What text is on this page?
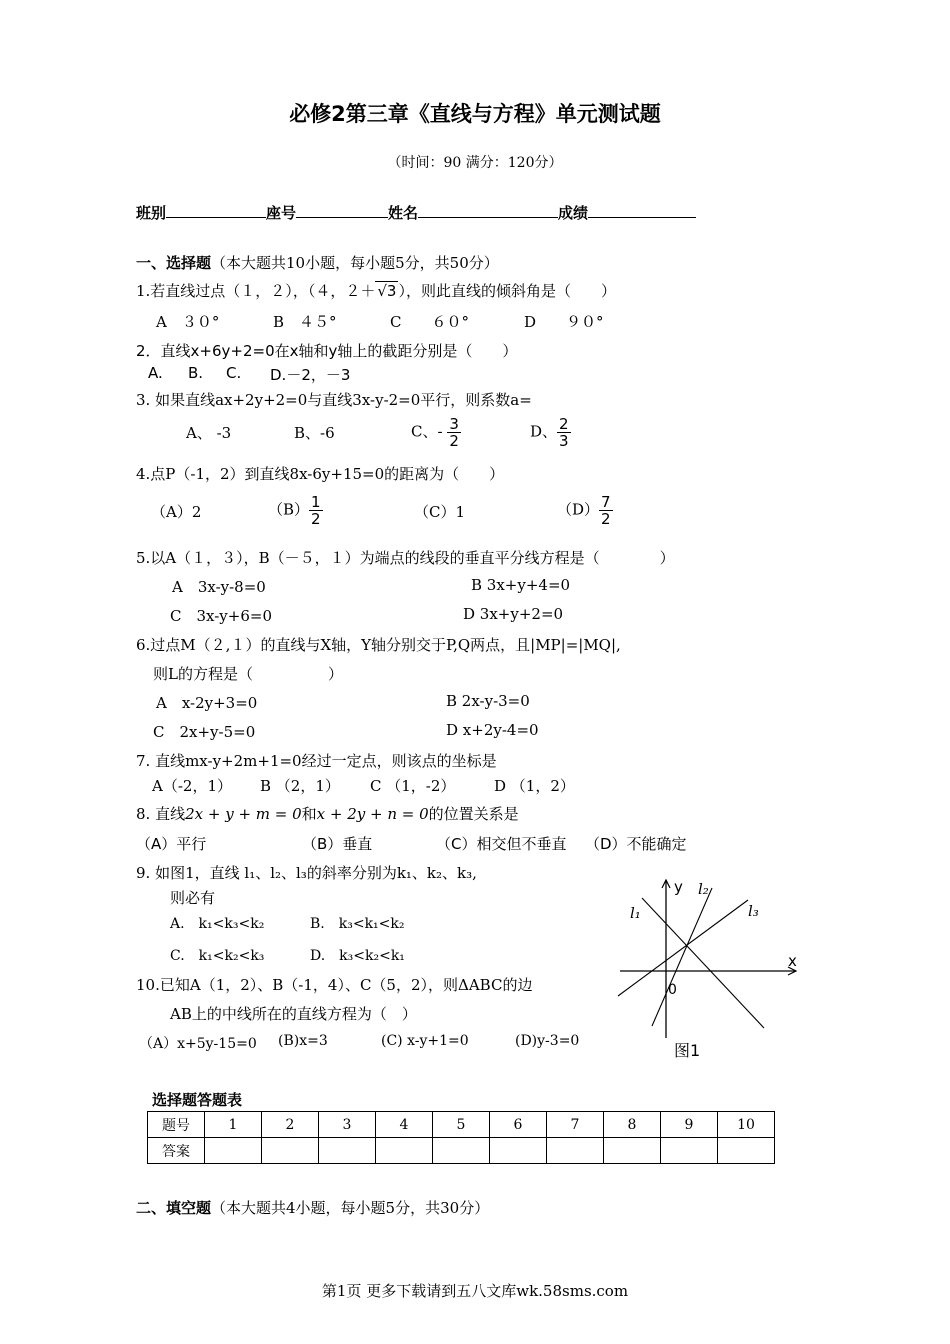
必修2第三章《直线与方程》单元测试题
（时间：90 满分：120分）
班别	座号	姓名	成绩
一、选择题（本大题共10小题，每小题5分，共50分）
1.若直线过点（１，２），（４，２＋ √3 ），则此直线的倾斜角是（　　）
A　３０°	B　４５°	C　　６０°	D　　９０°
2．直线x+6y+2=0在x轴和y轴上的截距分别是（　　）
A. B. C. D.－2，－3
3. 如果直线ax+2y+2=0与直线3x-y-2=0平行，则系数a=
A、 -3	B、-6	C、- $\frac{3}{2}$	D、 $\frac{2}{3}$
4.点P（-1，2）到直线8x-6y+15=0的距离为（　　）
（A）2	$(B) \frac{1}{2}$	（C）1	$(D) \frac{7}{2}$
5.以A（１，３），B（－５，１）为端点的线段的垂直平分线方程是（　　　　）
A　3x-y-8=0	B 3x+y+4=0
C　3x-y+6=0	D 3x+y+2=0
6.过点M（２,１）的直线与X轴，Y轴分别交于P,Q两点，且|MP|=|MQ|,
则L的方程是（　　　　　）
A　x-2y+3=0	B 2x-y-3=0
C　2x+y-5=0	D x+2y-4=0
7. 直线mx-y+2m+1=0经过一定点，则该点的坐标是
A（-2，1） B （2，1） C （1，-2）	D （1，2）
8. 直线2x + y + m = 0和x + 2y + n = 0的位置关系是
（A）平行	（B）垂直	（C）相交但不垂直 （D）不能确定
9. 如图1，直线 l₁、l₂、l₃的斜率分别为k₁、k₂、k₃,
则必有
A.　k₁<k₃<k₂	B.　k₃<k₁<k₂
C.　k₁<k₂<k₃	D.　k₃<k₂<k₁
10.已知A（1，2）、B（-1，4）、C（5，2），则ΔABC的边
AB上的中线所在的直线方程为（　）
（A）x+5y-15=0 (B)x=3	(C) x-y+1=0	(D)y-3=0
y
x
0
l₁
l₂
l₃
图1
选择题答题表
题号	1	2	3	4	5	6	7	8	9	10
答案										
二、填空题（本大题共4小题，每小题5分，共30分）
第1页 更多下载请到五八文库wk.58sms.com
